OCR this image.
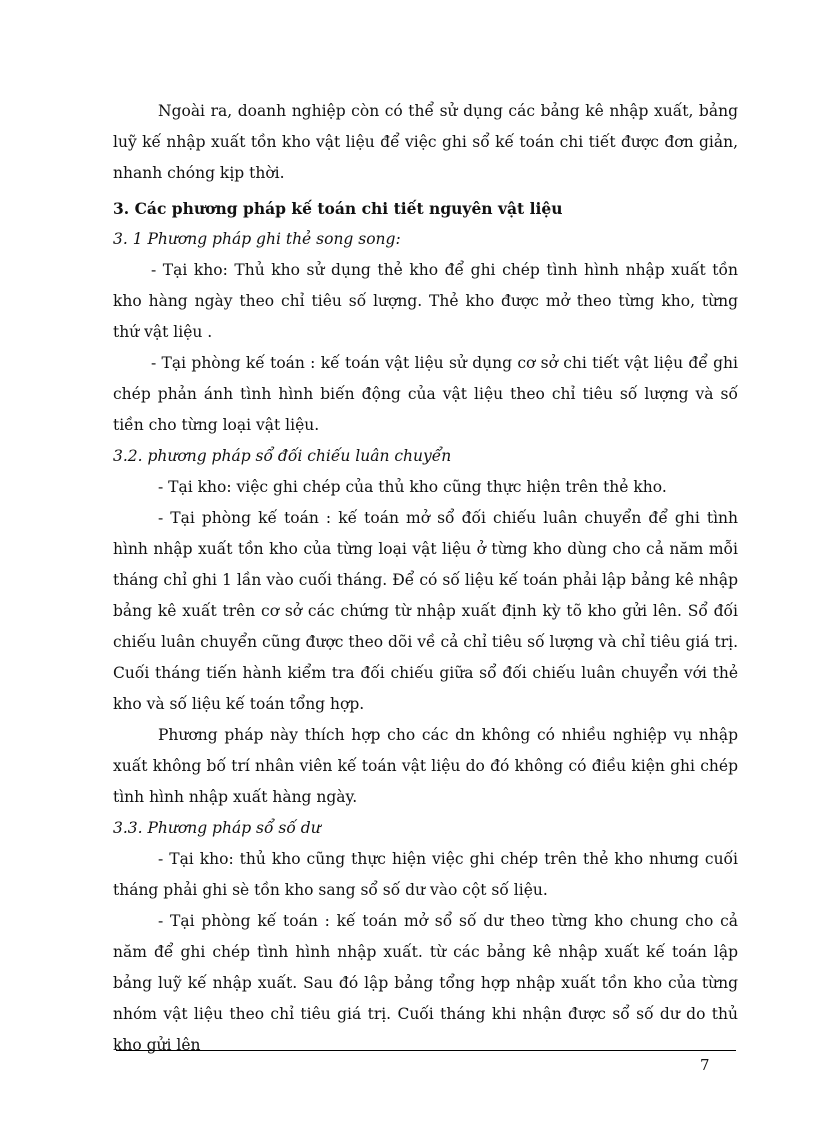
Ngoài ra, doanh nghiệp còn có thể sử dụng các bảng kê nhập xuất, bảng luỹ kế nhập xuất tồn kho vật liệu để việc ghi sổ kế toán chi tiết được đơn giản, nhanh chóng kịp thời.

3. Các phương pháp kế toán chi tiết nguyên vật liệu

3. 1 Phương pháp ghi thẻ song song:

- Tại kho: Thủ kho sử dụng thẻ kho để ghi chép tình hình nhập xuất tồn kho hàng ngày theo chỉ tiêu số lượng. Thẻ kho được mở theo từng kho, từng thứ vật liệu .

- Tại phòng kế toán : kế toán vật liệu sử dụng cơ sở chi tiết vật liệu để ghi chép phản ánh tình hình biến động của vật liệu theo chỉ tiêu số lượng và số tiền cho từng loại vật liệu.

3.2. phương pháp sổ đối chiếu luân chuyển

- Tại kho: việc ghi chép của thủ kho cũng thực hiện trên thẻ kho.

- Tại phòng kế toán : kế toán mở sổ đối chiếu luân chuyển để ghi tình hình nhập xuất tồn kho của từng loại vật liệu ở từng kho dùng cho cả năm mỗi tháng chỉ ghi 1 lần vào cuối tháng. Để có số liệu kế toán phải lập bảng kê nhập bảng kê xuất trên cơ sở các chứng từ nhập xuất định kỳ tõ kho gửi lên. Sổ đối chiếu luân chuyển cũng được theo dõi về cả chỉ tiêu số lượng và chỉ tiêu giá trị. Cuối tháng tiến hành kiểm tra đối chiếu giữa sổ đối chiếu luân chuyển với thẻ kho và số liệu kế toán tổng hợp.

Phương pháp này thích hợp cho các dn không có nhiều nghiệp vụ nhập xuất không bố trí nhân viên kế toán vật liệu do đó không có điều kiện ghi chép tình hình nhập xuất hàng ngày.

3.3. Phương pháp sổ số dư

- Tại kho: thủ kho cũng thực hiện việc ghi chép trên thẻ kho nhưng cuối tháng phải ghi sè tồn kho sang sổ số dư vào cột số liệu.

- Tại phòng kế toán : kế toán mở sổ số dư theo từng kho chung cho cả năm để ghi chép tình hình nhập xuất. từ các bảng kê nhập xuất kế toán lập bảng luỹ kế nhập xuất. Sau đó lập bảng tổng hợp nhập xuất tồn kho của từng nhóm vật liệu theo chỉ tiêu giá trị. Cuối tháng khi nhận được sổ số dư do thủ kho gửi lên

7
